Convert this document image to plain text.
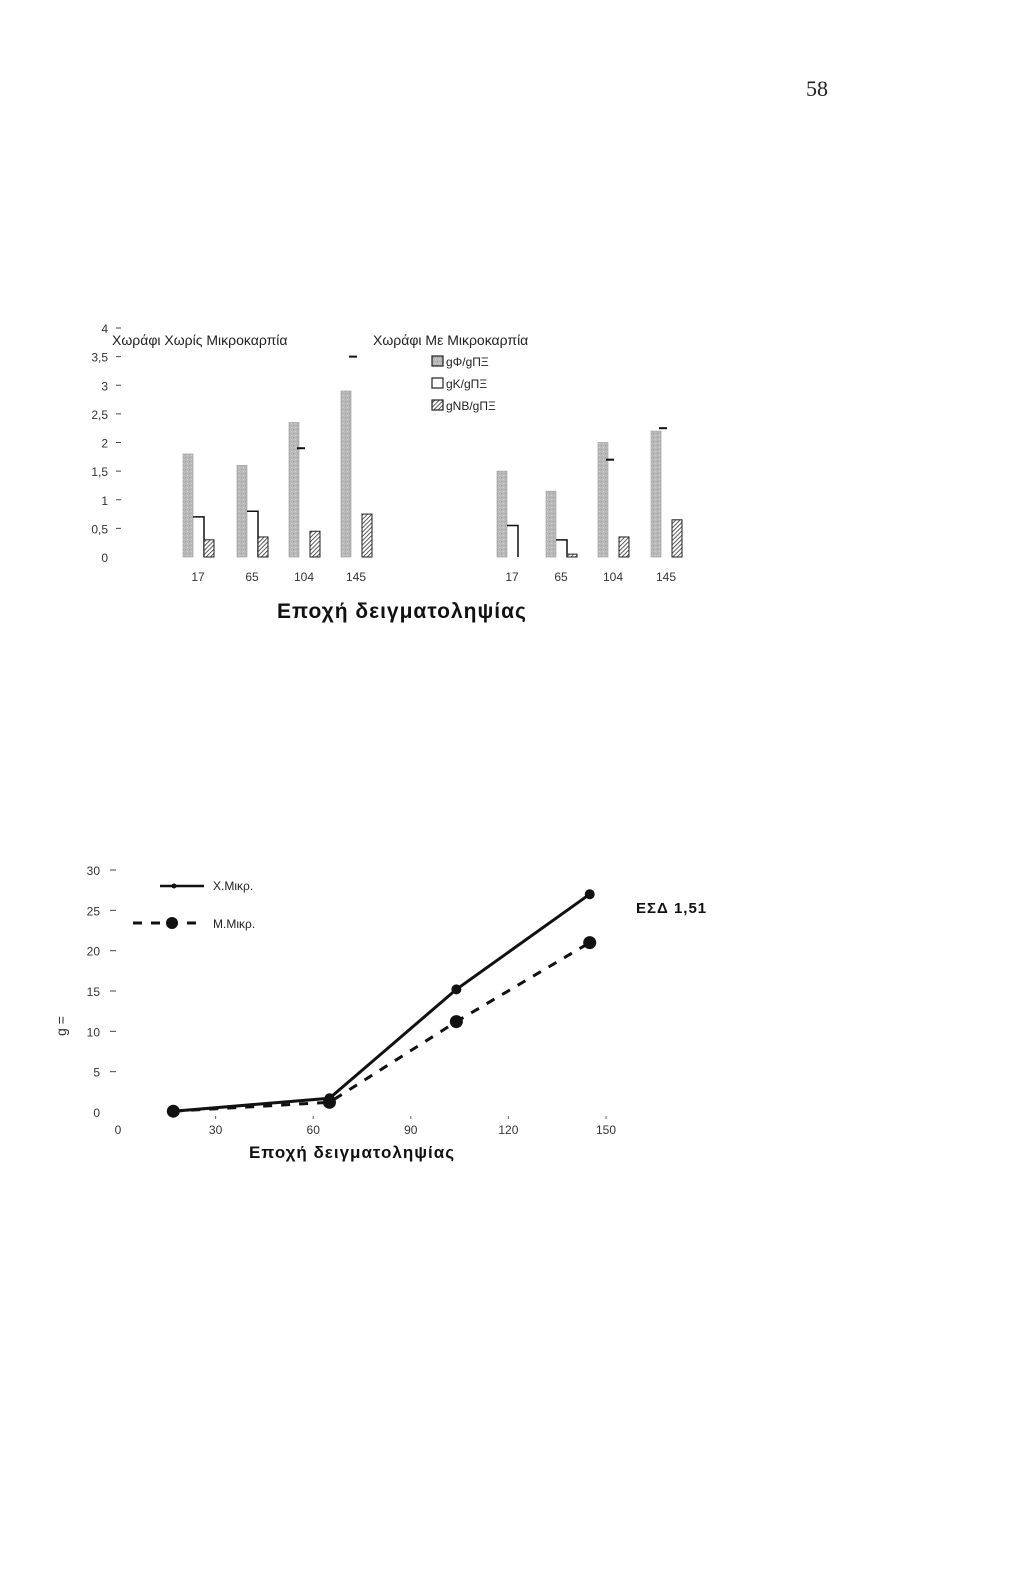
58
0
0,5
1
1,5
2
2,5
3
3,5
4
17	65	104	145	17	65	104	145
Χωράφι Χωρίς Μικροκαρπία	Χωράφι Με Μικροκαρπία
gΦ/gΠΞ
gK/gΠΞ
gNB/gΠΞ
Εποχή δειγματοληψίας
0
5
10
15
20
25
30
0	30	60	90	120	150
Χ.Μικρ.
Μ.Μικρ.
ΕΣΔ 1,51
g =
Εποχή δειγματοληψίας
